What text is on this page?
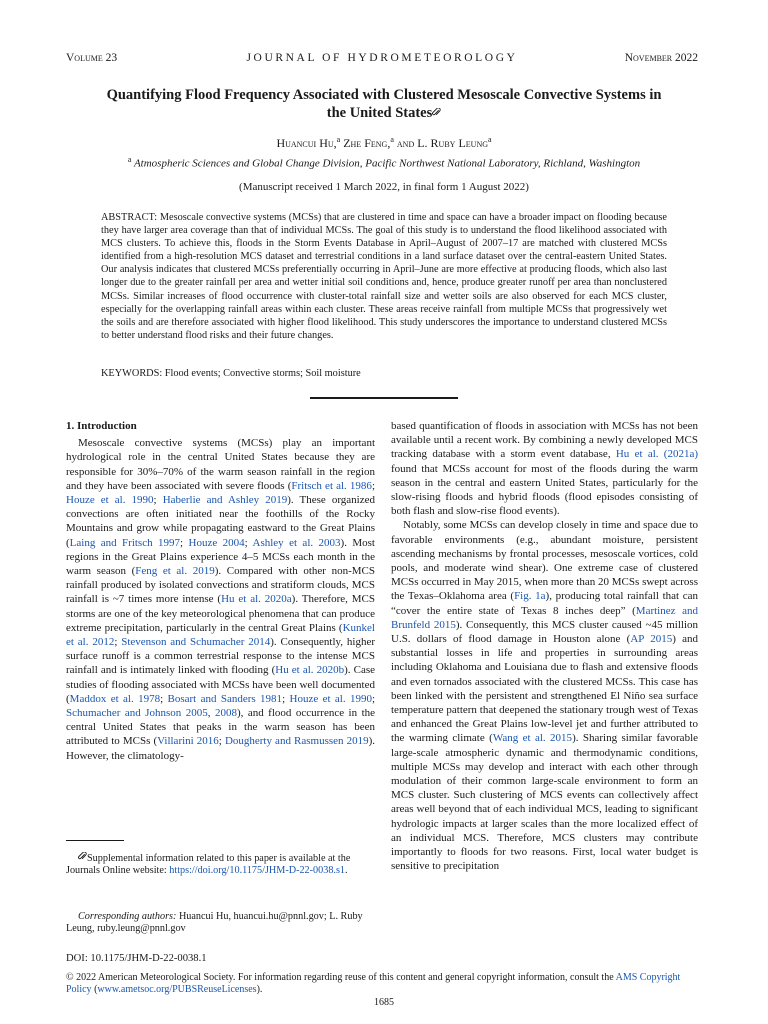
Volume 23	JOURNAL OF HYDROMETEOROLOGY	November 2022
Quantifying Flood Frequency Associated with Clustered Mesoscale Convective Systems in the United States
Huancui Hu,$^a$ Zhe Feng,$^a$ and L. Ruby Leung$^a$
$^a$ Atmospheric Sciences and Global Change Division, Pacific Northwest National Laboratory, Richland, Washington
(Manuscript received 1 March 2022, in final form 1 August 2022)
ABSTRACT: Mesoscale convective systems (MCSs) that are clustered in time and space can have a broader impact on flooding because they have larger area coverage than that of individual MCSs. The goal of this study is to understand the flood likelihood associated with MCS clusters. To achieve this, floods in the Storm Events Database in April–August of 2007–17 are matched with clustered MCSs identified from a high-resolution MCS dataset and terrestrial conditions in a land surface dataset over the central-eastern United States. Our analysis indicates that clustered MCSs preferentially occurring in April–June are more effective at producing floods, which also last longer due to the greater rainfall per area and wetter initial soil conditions and, hence, produce greater runoff per area than nonclustered MCSs. Similar increases of flood occurrence with cluster-total rainfall size and wetter soils are also observed for each MCS cluster, especially for the overlapping rainfall areas within each cluster. These areas receive rainfall from multiple MCSs that progressively wet the soils and are therefore associated with higher flood likelihood. This study underscores the importance to understand clustered MCSs to better understand flood risks and their future changes.
KEYWORDS: Flood events; Convective storms; Soil moisture
1. Introduction

Mesoscale convective systems (MCSs) play an important hydrological role in the central United States because they are responsible for 30%–70% of the warm season rainfall in the region and they have been associated with severe floods (Fritsch et al. 1986; Houze et al. 1990; Haberlie and Ashley 2019). These organized convections are often initiated near the foothills of the Rocky Mountains and grow while propagating eastward to the Great Plains (Laing and Fritsch 1997; Houze 2004; Ashley et al. 2003). Most regions in the Great Plains experience 4–5 MCSs each month in the warm season (Feng et al. 2019). Compared with other non-MCS rainfall produced by isolated convections and stratiform clouds, MCS rainfall is ~7 times more intense (Hu et al. 2020a). Therefore, MCS storms are one of the key meteorological phenomena that can produce extreme precipitation, particularly in the central Great Plains (Kunkel et al. 2012; Stevenson and Schumacher 2014). Consequently, higher surface runoff is a common terrestrial response to the intense MCS rainfall and is intimately linked with flooding (Hu et al. 2020b). Case studies of flooding associated with MCSs have been well documented (Maddox et al. 1978; Bosart and Sanders 1981; Houze et al. 1990; Schumacher and Johnson 2005, 2008), and flood occurrence in the central United States that peaks in the warm season has been attributed to MCSs (Villarini 2016; Dougherty and Rasmussen 2019). However, the climatology-

based quantification of floods in association with MCSs has not been available until a recent work. By combining a newly developed MCS tracking database with a storm event database, Hu et al. (2021a) found that MCSs account for most of the floods during the warm season in the central and eastern United States, particularly for the slow-rising floods and hybrid floods (flood episodes consisting of both flash and slow-rise flood events).

Notably, some MCSs can develop closely in time and space due to favorable environments (e.g., abundant moisture, persistent ascending mechanisms by frontal processes, mesoscale vortices, cold pools, and moderate wind shear). One extreme case of clustered MCSs occurred in May 2015, when more than 20 MCSs swept across the Texas–Oklahoma area (Fig. 1a), producing total rainfall that can “cover the entire state of Texas 8 inches deep” (Martinez and Brunfeld 2015). Consequently, this MCS cluster caused ~45 million U.S. dollars of flood damage in Houston alone (AP 2015) and substantial losses in life and properties in surrounding areas including Oklahoma and Louisiana due to flash and extensive floods and even tornados associated with the clustered MCSs. This case has been linked with the persistent and strengthened El Niño sea surface temperature pattern that deepened the stationary trough west of Texas and enhanced the Great Plains low-level jet and further attributed to the warming climate (Wang et al. 2015). Sharing similar favorable large-scale atmospheric dynamic and thermodynamic conditions, multiple MCSs may develop and interact with each other through modulation of their common large-scale environment to form an MCS cluster. Such clustering of MCS events can collectively affect areas well beyond that of each individual MCS, leading to significant hydrologic impacts at larger scales than the more localized effect of an individual MCS. Therefore, MCS clusters may contribute importantly to floods for two reasons. First, local water budget is sensitive to precipitation

Supplemental information related to this paper is available at the Journals Online website: https://doi.org/10.1175/JHM-D-22-0038.s1.
Corresponding authors: Huancui Hu, huancui.hu@pnnl.gov; L. Ruby Leung, ruby.leung@pnnl.gov
DOI: 10.1175/JHM-D-22-0038.1
© 2022 American Meteorological Society. For information regarding reuse of this content and general copyright information, consult the AMS Copyright Policy (www.ametsoc.org/PUBSReuseLicenses).
1685
